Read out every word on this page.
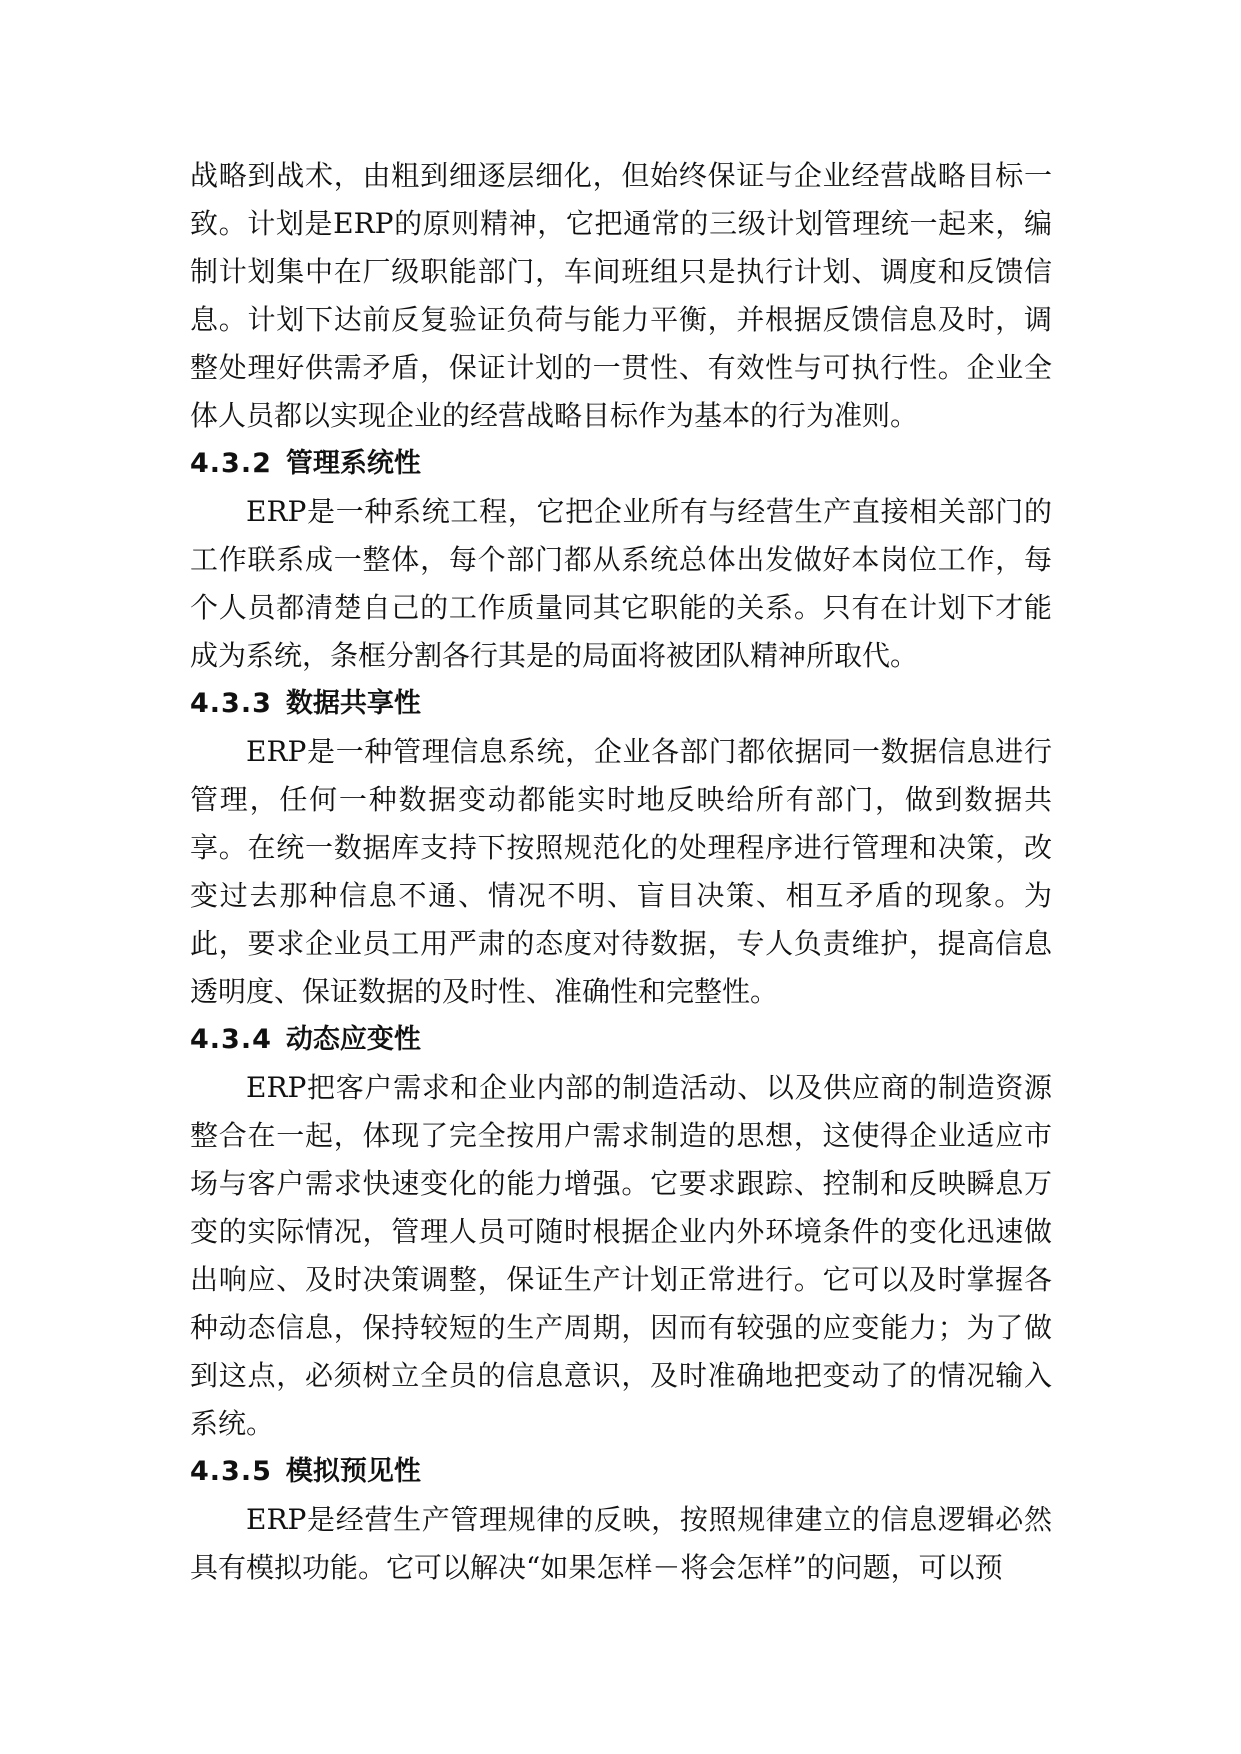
战略到战术，由粗到细逐层细化，但始终保证与企业经营战略目标一致。计划是ERP的原则精神，它把通常的三级计划管理统一起来，编制计划集中在厂级职能部门，车间班组只是执行计划、调度和反馈信息。计划下达前反复验证负荷与能力平衡，并根据反馈信息及时，调整处理好供需矛盾，保证计划的一贯性、有效性与可执行性。企业全体人员都以实现企业的经营战略目标作为基本的行为准则。

4.3.2 管理系统性

ERP是一种系统工程，它把企业所有与经营生产直接相关部门的工作联系成一整体，每个部门都从系统总体出发做好本岗位工作，每个人员都清楚自己的工作质量同其它职能的关系。只有在计划下才能成为系统，条框分割各行其是的局面将被团队精神所取代。

4.3.3 数据共享性

ERP是一种管理信息系统，企业各部门都依据同一数据信息进行管理，任何一种数据变动都能实时地反映给所有部门，做到数据共享。在统一数据库支持下按照规范化的处理程序进行管理和决策，改变过去那种信息不通、情况不明、盲目决策、相互矛盾的现象。为此，要求企业员工用严肃的态度对待数据，专人负责维护，提高信息透明度、保证数据的及时性、准确性和完整性。

4.3.4 动态应变性

ERP把客户需求和企业内部的制造活动、以及供应商的制造资源整合在一起，体现了完全按用户需求制造的思想，这使得企业适应市场与客户需求快速变化的能力增强。它要求跟踪、控制和反映瞬息万变的实际情况，管理人员可随时根据企业内外环境条件的变化迅速做出响应、及时决策调整，保证生产计划正常进行。它可以及时掌握各种动态信息，保持较短的生产周期，因而有较强的应变能力；为了做到这点，必须树立全员的信息意识，及时准确地把变动了的情况输入系统。

4.3.5 模拟预见性

ERP是经营生产管理规律的反映，按照规律建立的信息逻辑必然具有模拟功能。它可以解决“如果怎样－将会怎样”的问题，可以预
